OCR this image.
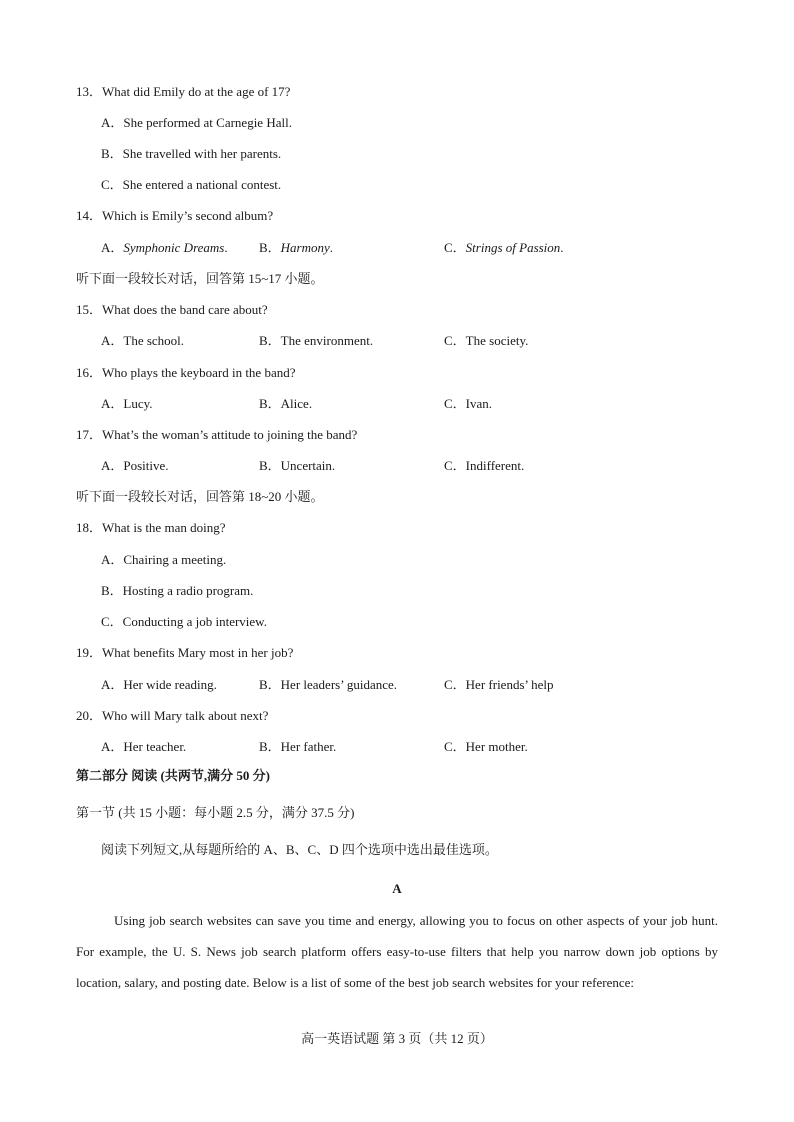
13．What did Emily do at the age of 17?
A．She performed at Carnegie Hall.
B．She travelled with her parents.
C．She entered a national contest.
14．Which is Emily’s second album?
A．Symphonic Dreams. B．Harmony.	C．Strings of Passion.
听下面一段较长对话，回答第 15~17 小题。
15．What does the band care about?
A．The school.	B．The environment.	C．The society.
16．Who plays the keyboard in the band?
A．Lucy.	B．Alice.	C．Ivan.
17．What’s the woman’s attitude to joining the band?
A．Positive.	B．Uncertain.	C．Indifferent.
听下面一段较长对话，回答第 18~20 小题。
18．What is the man doing?
A．Chairing a meeting.
B．Hosting a radio program.
C．Conducting a job interview.
19．What benefits Mary most in her job?
A．Her wide reading.	B．Her leaders’ guidance.	C．Her friends’ help
20．Who will Mary talk about next?
A．Her teacher.	B．Her father.	C．Her mother.
第二部分 阅读 (共两节,满分 50 分)
第一节 (共 15 小题：每小题 2.5 分，满分 37.5 分)
阅读下列短文,从每题所给的 A、B、C、D 四个选项中选出最佳选项。
A
Using job search websites can save you time and energy, allowing you to focus on other aspects of your job hunt. For example, the U. S. News job search platform offers easy-to-use filters that help you narrow down job options by location, salary, and posting date. Below is a list of some of the best job search websites for your reference:
高一英语试题 第 3 页（共 12 页）
